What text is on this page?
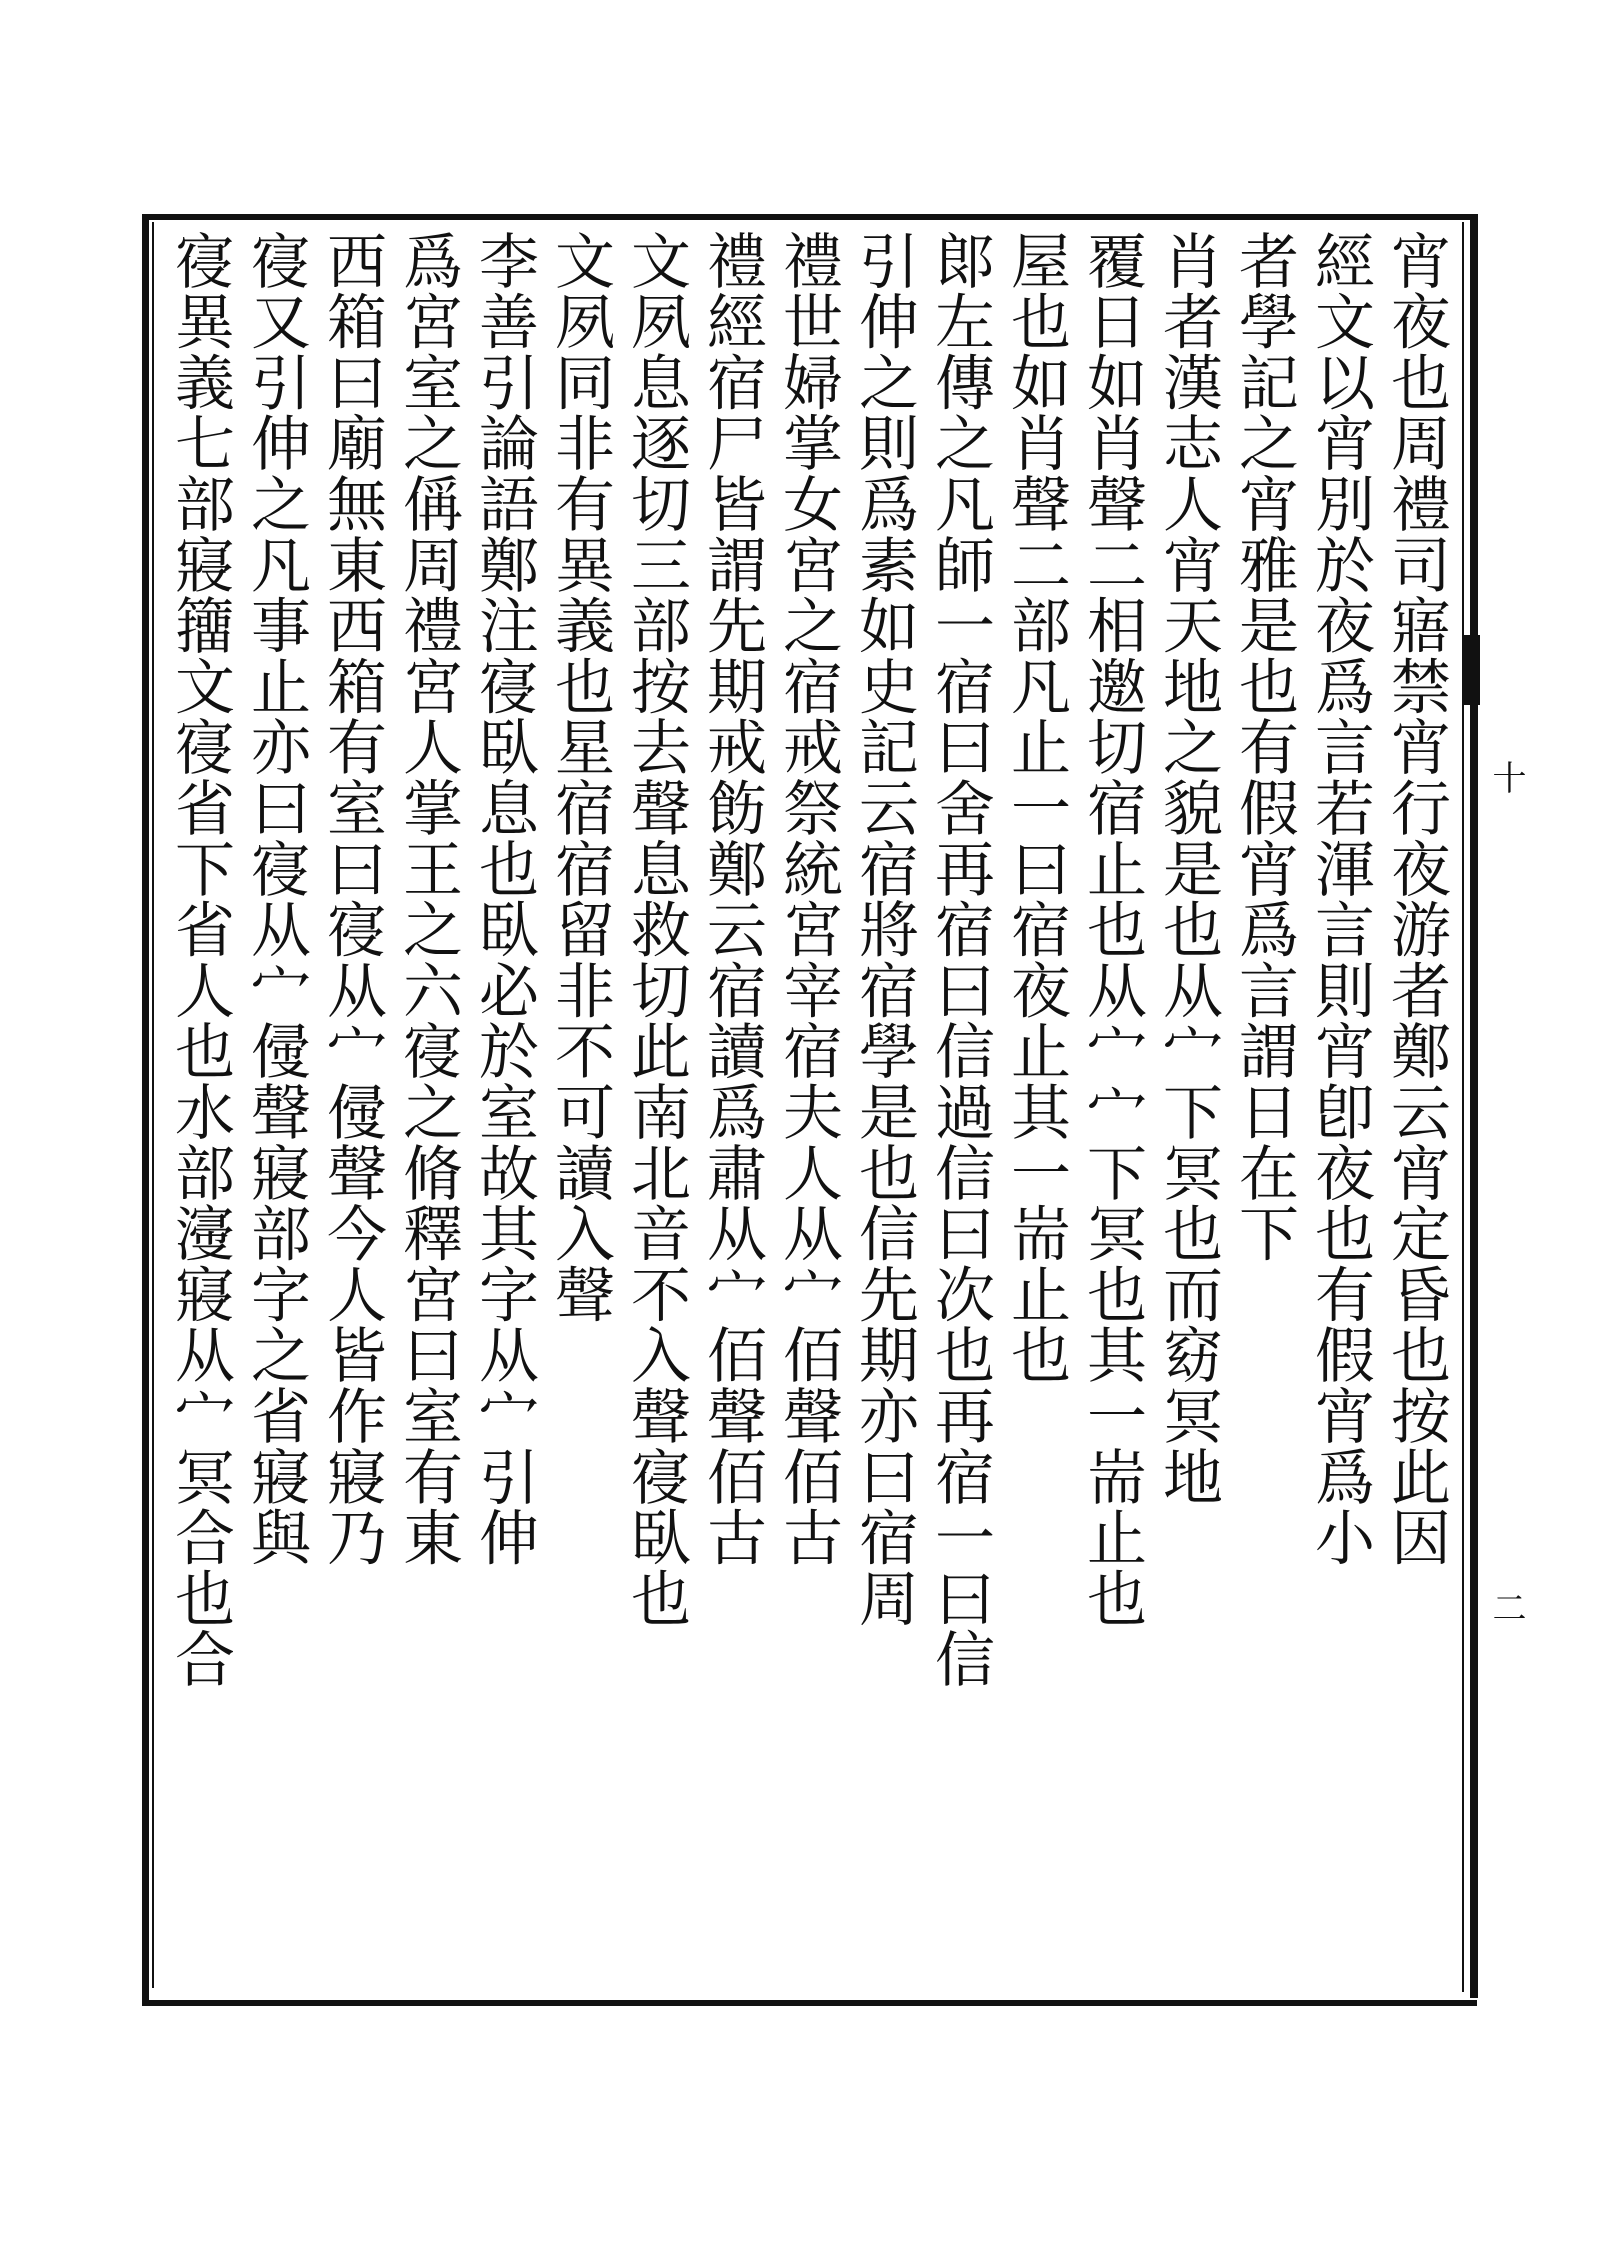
十
二
宵夜也周禮司寤禁宵行夜游者鄭云宵定昏也按此因
經文以宵別於夜爲言若渾言則宵卽夜也有假宵爲小
者學記之宵雅是也有假宵爲言謂日在下
肖者漢志人宵天地之貌是也从宀下冥也而窈冥地
覆日如肖聲二相邀切宿止也从宀宀下冥也其一耑止也
屋也如肖聲二部凡止一曰宿夜止其一耑止也
郞左傳之凡師一宿曰舍再宿曰信過信曰次也再宿一曰信
引伸之則爲素如史記云宿將宿學是也信先期亦曰宿周
禮世婦掌女宮之宿戒祭統宮宰宿夫人从宀佰聲佰古
禮經宿尸皆謂先期戒飭鄭云宿讀爲肅从宀佰聲佰古
文夙息逐切三部按去聲息救切此南北音不入聲寑臥也
文夙同非有異義也星宿宿留非不可讀入聲
李善引論語鄭注寑臥息也臥必於室故其字从宀引伸
爲宮室之偁周禮宮人掌王之六寑之脩釋宮曰室有東
西箱曰廟無東西箱有室曰寑从宀㑴聲今人皆作寢乃
寑又引伸之凡事止亦曰寑从宀㑴聲寢部字之省寢與
寑異義七部寢籒文寑省下省人也水部濅寢从宀冥合也合
